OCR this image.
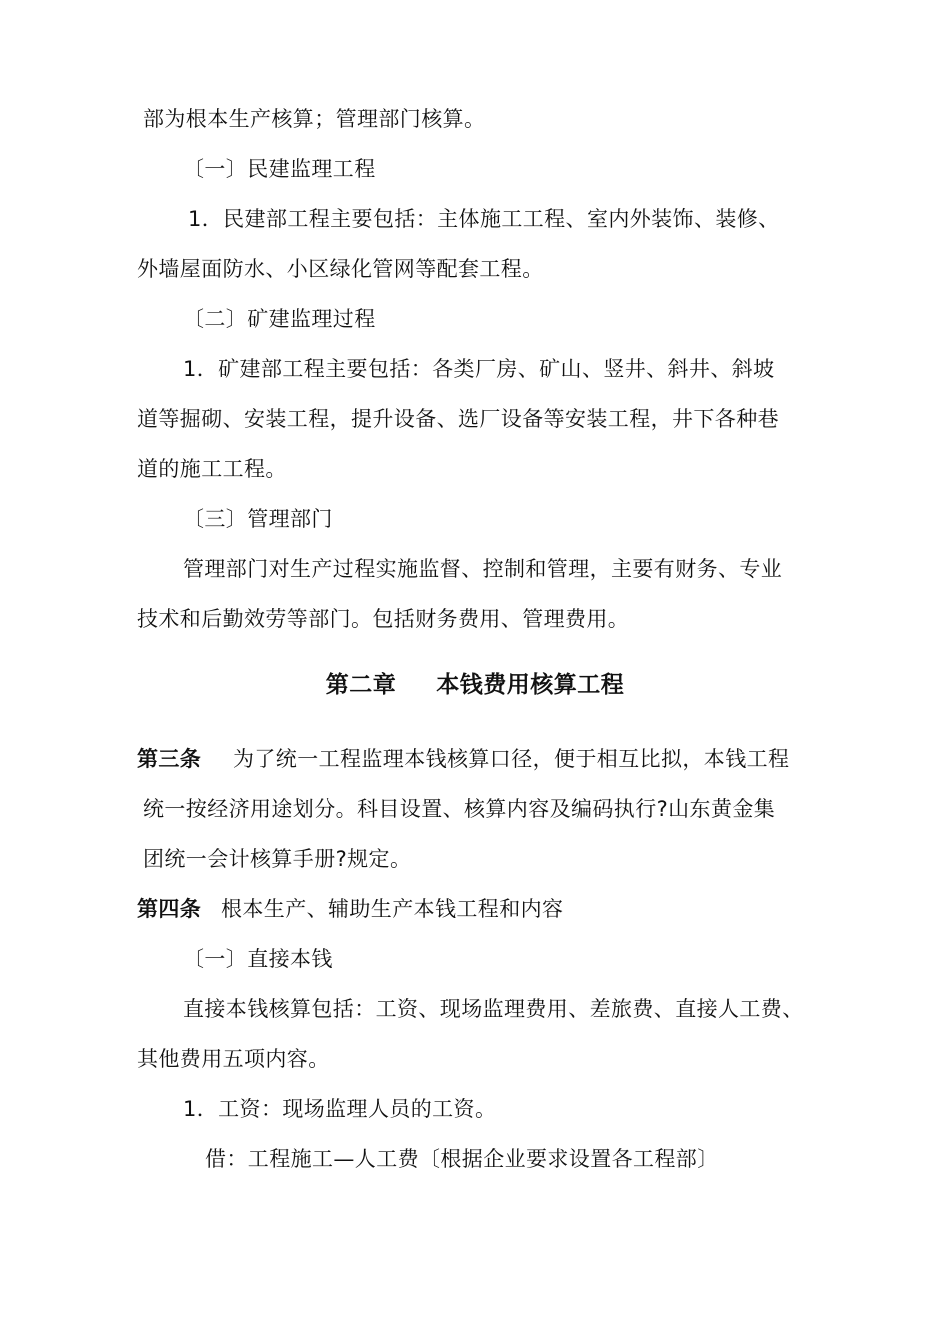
部为根本生产核算；管理部门核算。
〔一〕民建监理工程
1．民建部工程主要包括：主体施工工程、室内外装饰、装修、
外墙屋面防水、小区绿化管网等配套工程。
〔二〕矿建监理过程
1．矿建部工程主要包括：各类厂房、矿山、竖井、斜井、斜坡
道等掘砌、安装工程，提升设备、选厂设备等安装工程，井下各种巷
道的施工工程。
〔三〕管理部门
管理部门对生产过程实施监督、控制和管理，主要有财务、专业
技术和后勤效劳等部门。包括财务费用、管理费用。
第二章 本钱费用核算工程
第三条 为了统一工程监理本钱核算口径，便于相互比拟，本钱工程
统一按经济用途划分。科目设置、核算内容及编码执行?山东黄金集
团统一会计核算手册?规定。
第四条 根本生产、辅助生产本钱工程和内容
〔一〕直接本钱
直接本钱核算包括：工资、现场监理费用、差旅费、直接人工费、
其他费用五项内容。
1．工资：现场监理人员的工资。
借：工程施工—人工费〔根据企业要求设置各工程部〕
